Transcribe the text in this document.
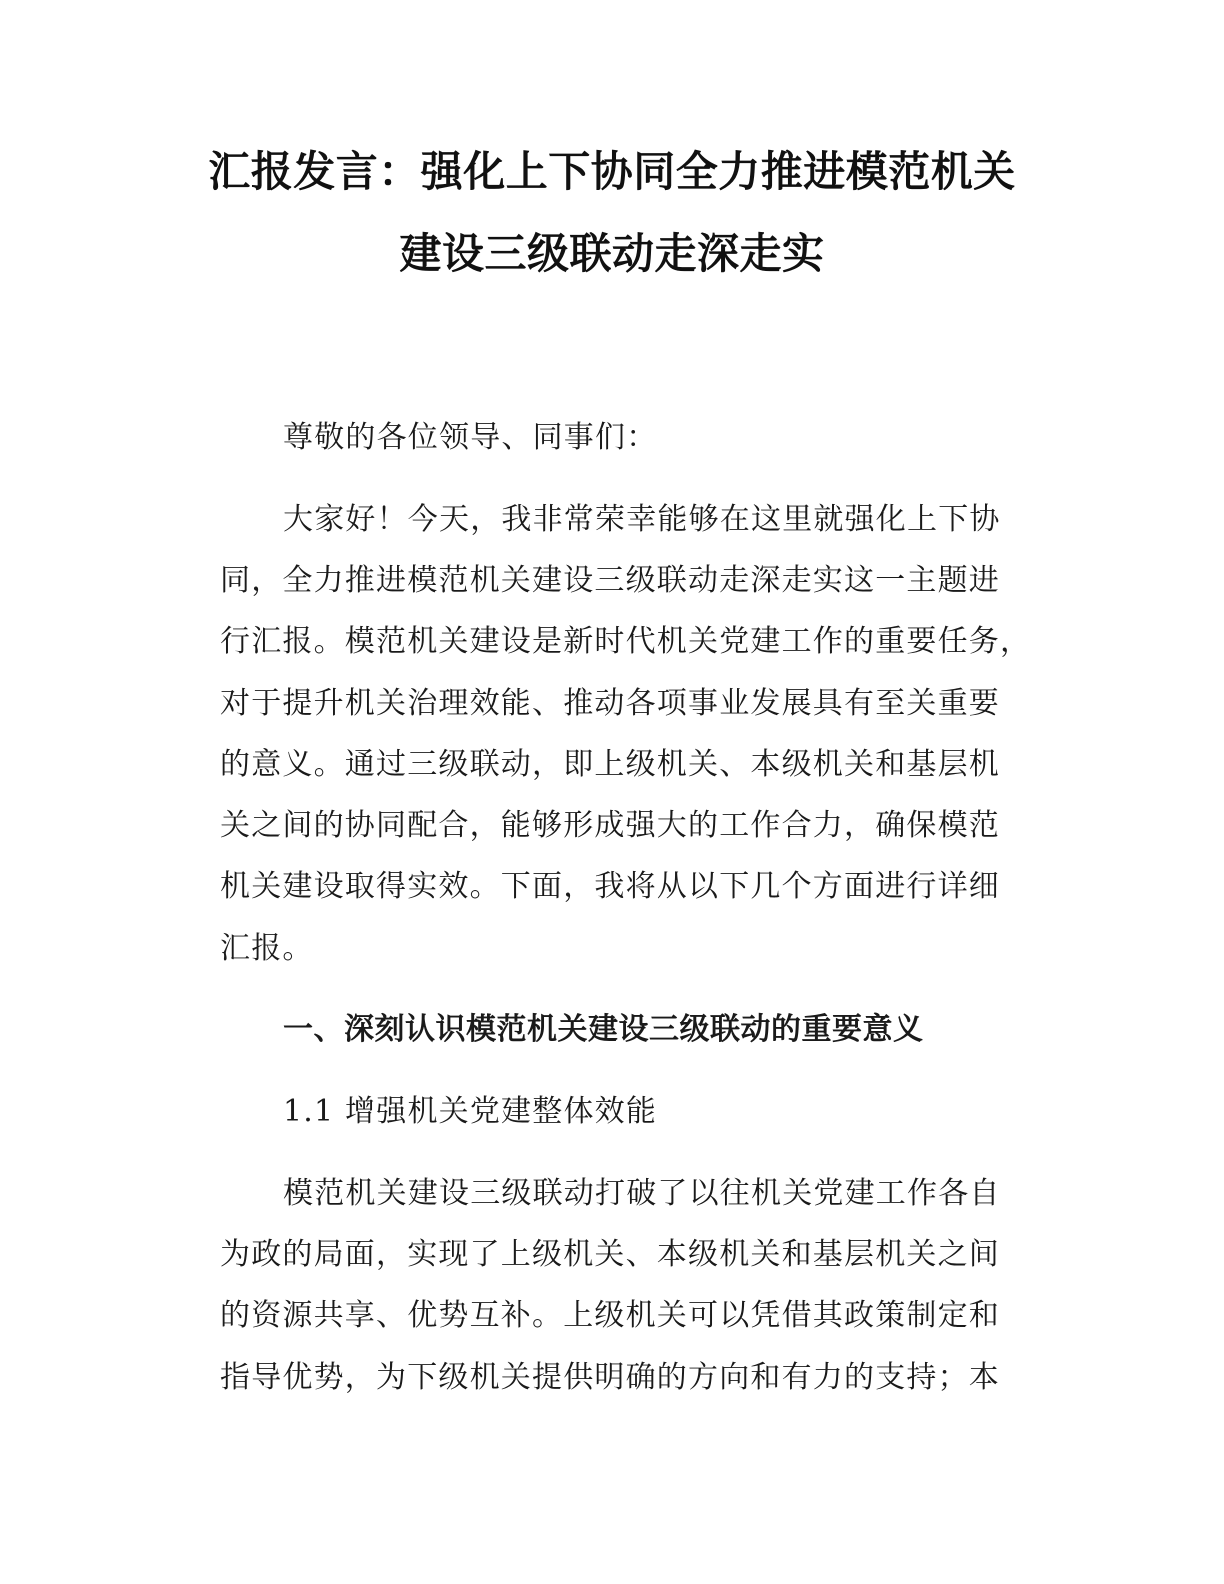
汇报发言：强化上下协同全力推进模范机关
建设三级联动走深走实
尊敬的各位领导、同事们：
大家好！今天，我非常荣幸能够在这里就强化上下协
同，全力推进模范机关建设三级联动走深走实这一主题进
行汇报。模范机关建设是新时代机关党建工作的重要任务，
对于提升机关治理效能、推动各项事业发展具有至关重要
的意义。通过三级联动，即上级机关、本级机关和基层机
关之间的协同配合，能够形成强大的工作合力，确保模范
机关建设取得实效。下面，我将从以下几个方面进行详细
汇报。
一、深刻认识模范机关建设三级联动的重要意义
1.1 增强机关党建整体效能
模范机关建设三级联动打破了以往机关党建工作各自
为政的局面，实现了上级机关、本级机关和基层机关之间
的资源共享、优势互补。上级机关可以凭借其政策制定和
指导优势，为下级机关提供明确的方向和有力的支持；本
